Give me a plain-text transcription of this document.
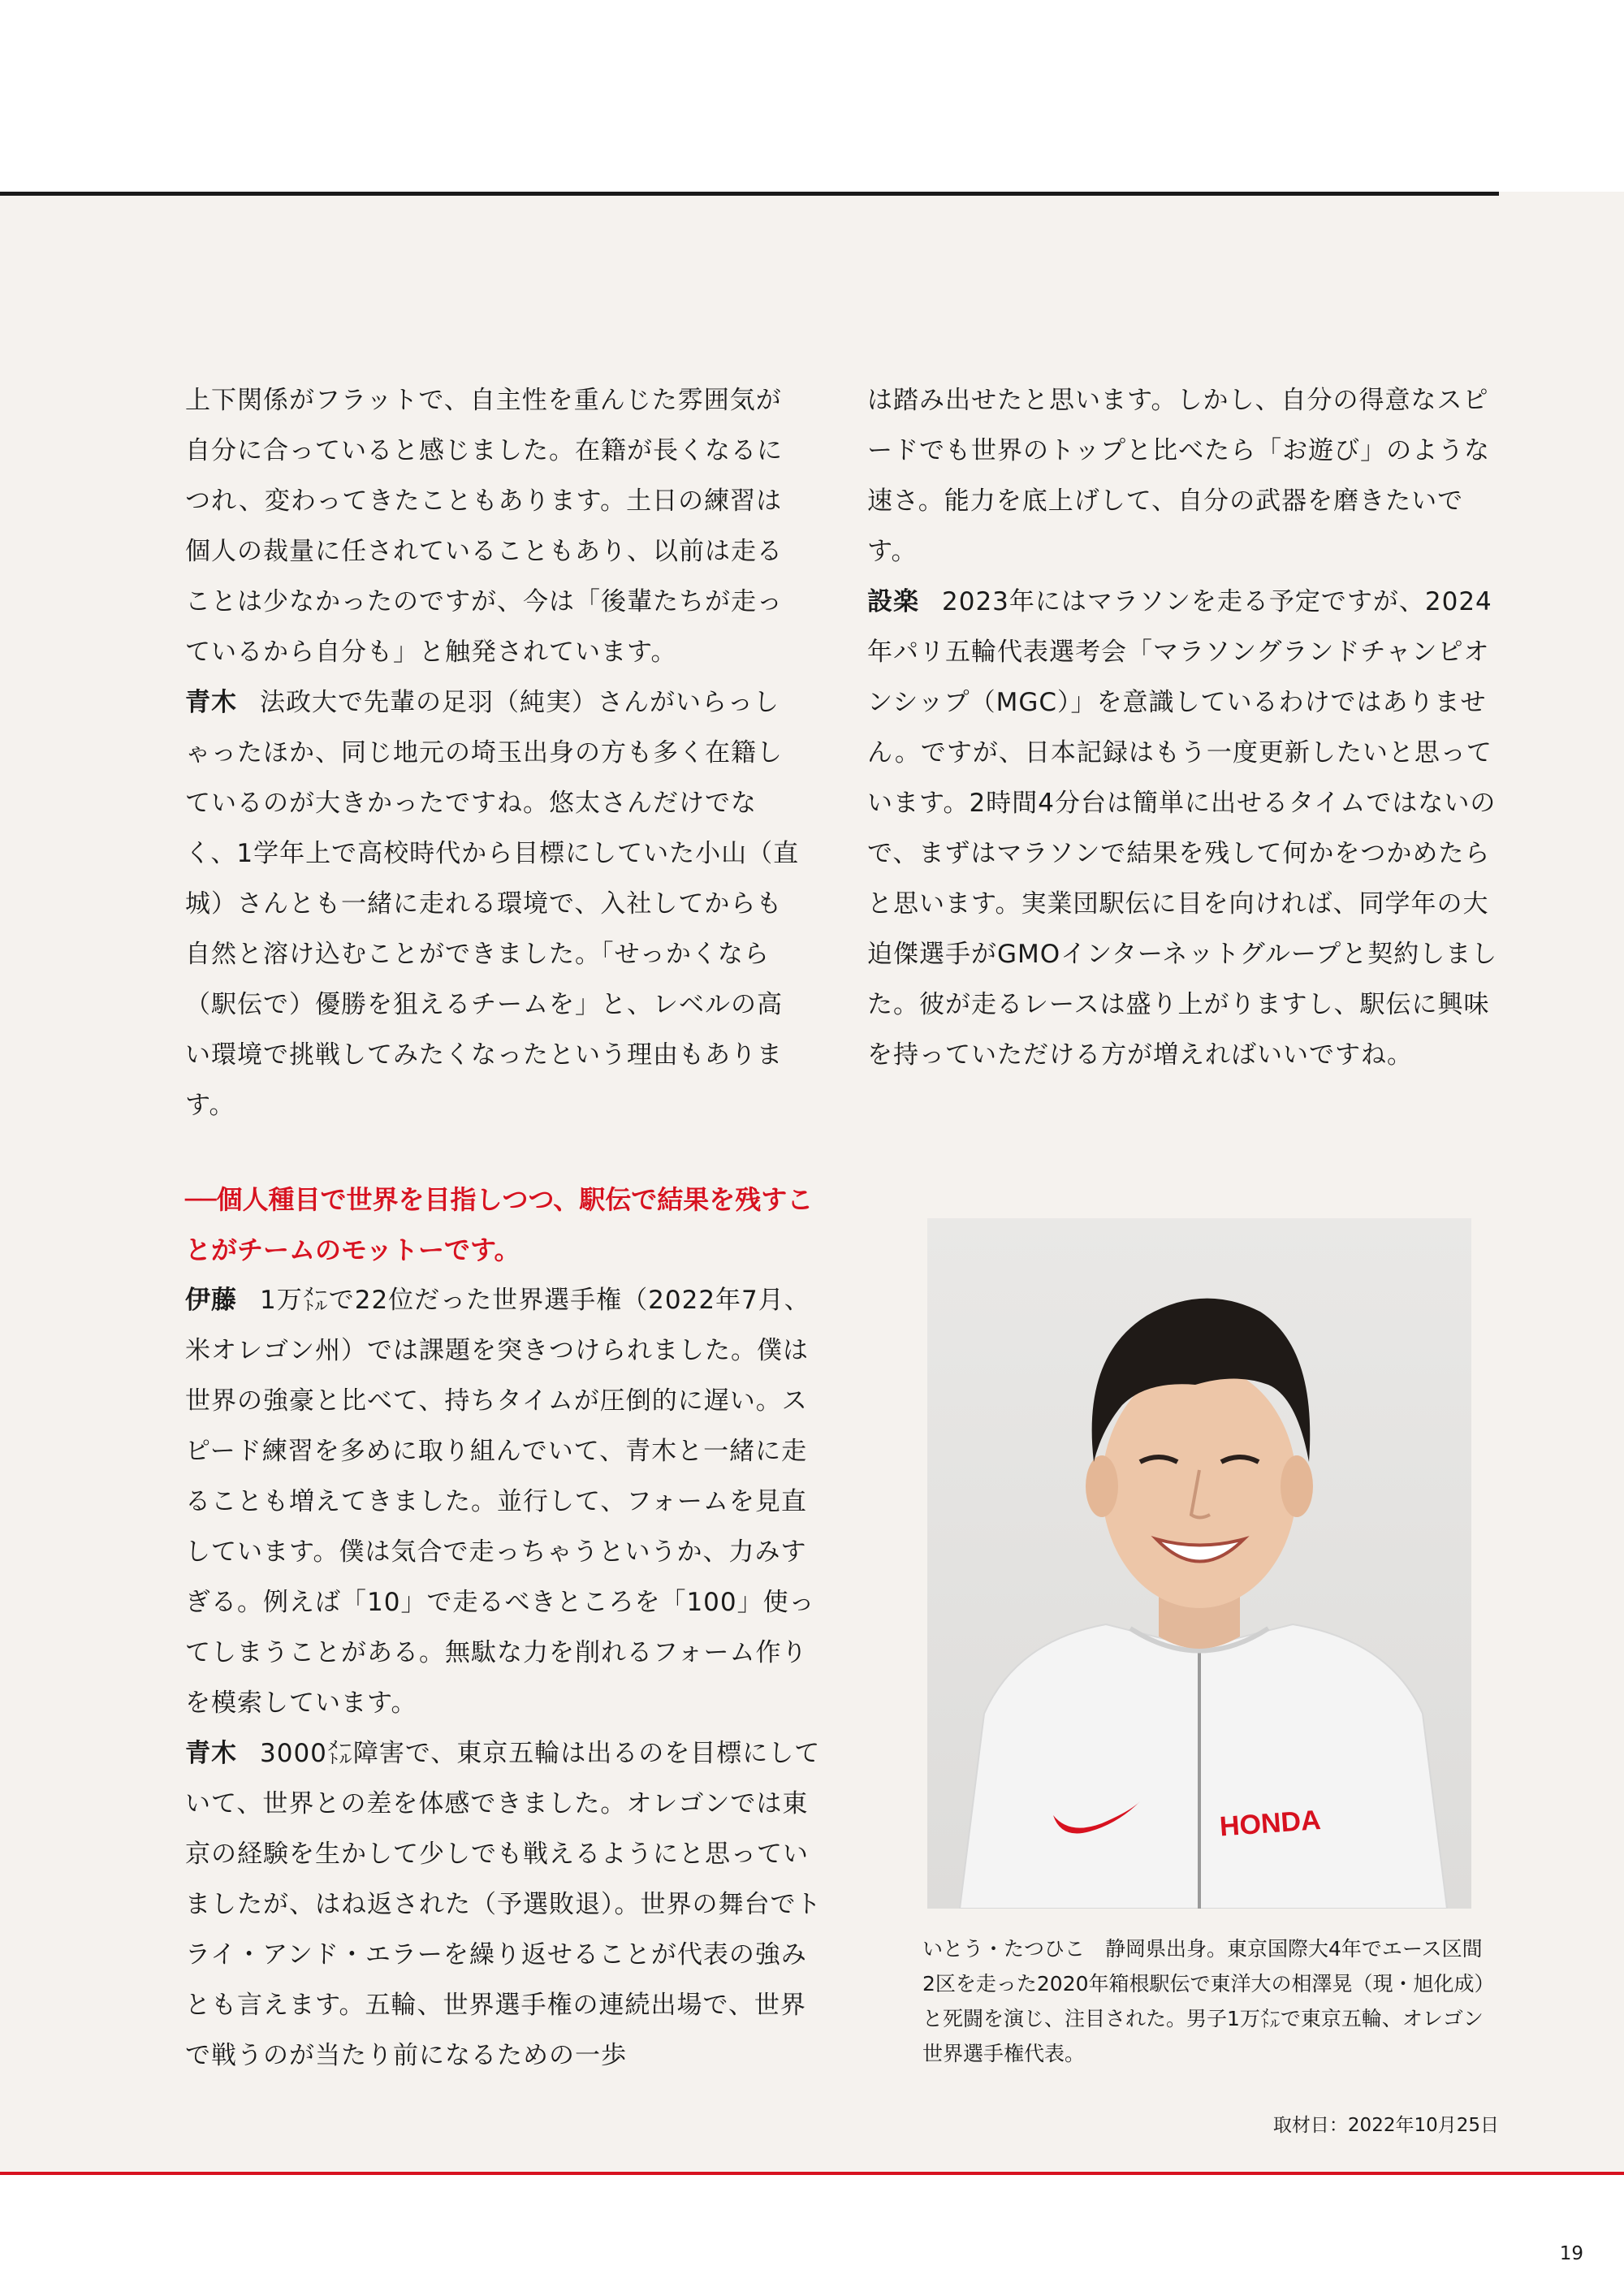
上下関係がフラットで、自主性を重んじた雰囲気が自分に合っていると感じました。在籍が長くなるにつれ、変わってきたこともあります。土日の練習は個人の裁量に任されていることもあり、以前は走ることは少なかったのですが、今は「後輩たちが走っているから自分も」と触発されています。

青木 法政大で先輩の足羽（純実）さんがいらっしゃったほか、同じ地元の埼玉出身の方も多く在籍しているのが大きかったですね。悠太さんだけでなく、1学年上で高校時代から目標にしていた小山（直城）さんとも一緒に走れる環境で、入社してからも自然と溶け込むことができました。「せっかくなら（駅伝で）優勝を狙えるチームを」と、レベルの高い環境で挑戦してみたくなったという理由もあります。

──個人種目で世界を目指しつつ、駅伝で結果を残すことがチームのモットーです。

伊藤 1万㍍で22位だった世界選手権（2022年7月、米オレゴン州）では課題を突きつけられました。僕は世界の強豪と比べて、持ちタイムが圧倒的に遅い。スピード練習を多めに取り組んでいて、青木と一緒に走ることも増えてきました。並行して、フォームを見直しています。僕は気合で走っちゃうというか、力みすぎる。例えば「10」で走るべきところを「100」使ってしまうことがある。無駄な力を削れるフォーム作りを模索しています。

青木 3000㍍障害で、東京五輪は出るのを目標にしていて、世界との差を体感できました。オレゴンでは東京の経験を生かして少しでも戦えるようにと思っていましたが、はね返された（予選敗退）。世界の舞台でトライ・アンド・エラーを繰り返せることが代表の強みとも言えます。五輪、世界選手権の連続出場で、世界で戦うのが当たり前になるための一歩

は踏み出せたと思います。しかし、自分の得意なスピードでも世界のトップと比べたら「お遊び」のような速さ。能力を底上げして、自分の武器を磨きたいです。

設楽 2023年にはマラソンを走る予定ですが、2024年パリ五輪代表選考会「マラソングランドチャンピオンシップ（MGC）」を意識しているわけではありません。ですが、日本記録はもう一度更新したいと思っています。2時間4分台は簡単に出せるタイムではないので、まずはマラソンで結果を残して何かをつかめたらと思います。実業団駅伝に目を向ければ、同学年の大迫傑選手がGMOインターネットグループと契約しました。彼が走るレースは盛り上がりますし、駅伝に興味を持っていただける方が増えればいいですね。

HONDA
いとう・たつひこ　静岡県出身。東京国際大4年でエース区間2区を走った2020年箱根駅伝で東洋大の相澤晃（現・旭化成）と死闘を演じ、注目された。男子1万㍍で東京五輪、オレゴン世界選手権代表。
取材日：2022年10月25日
19
